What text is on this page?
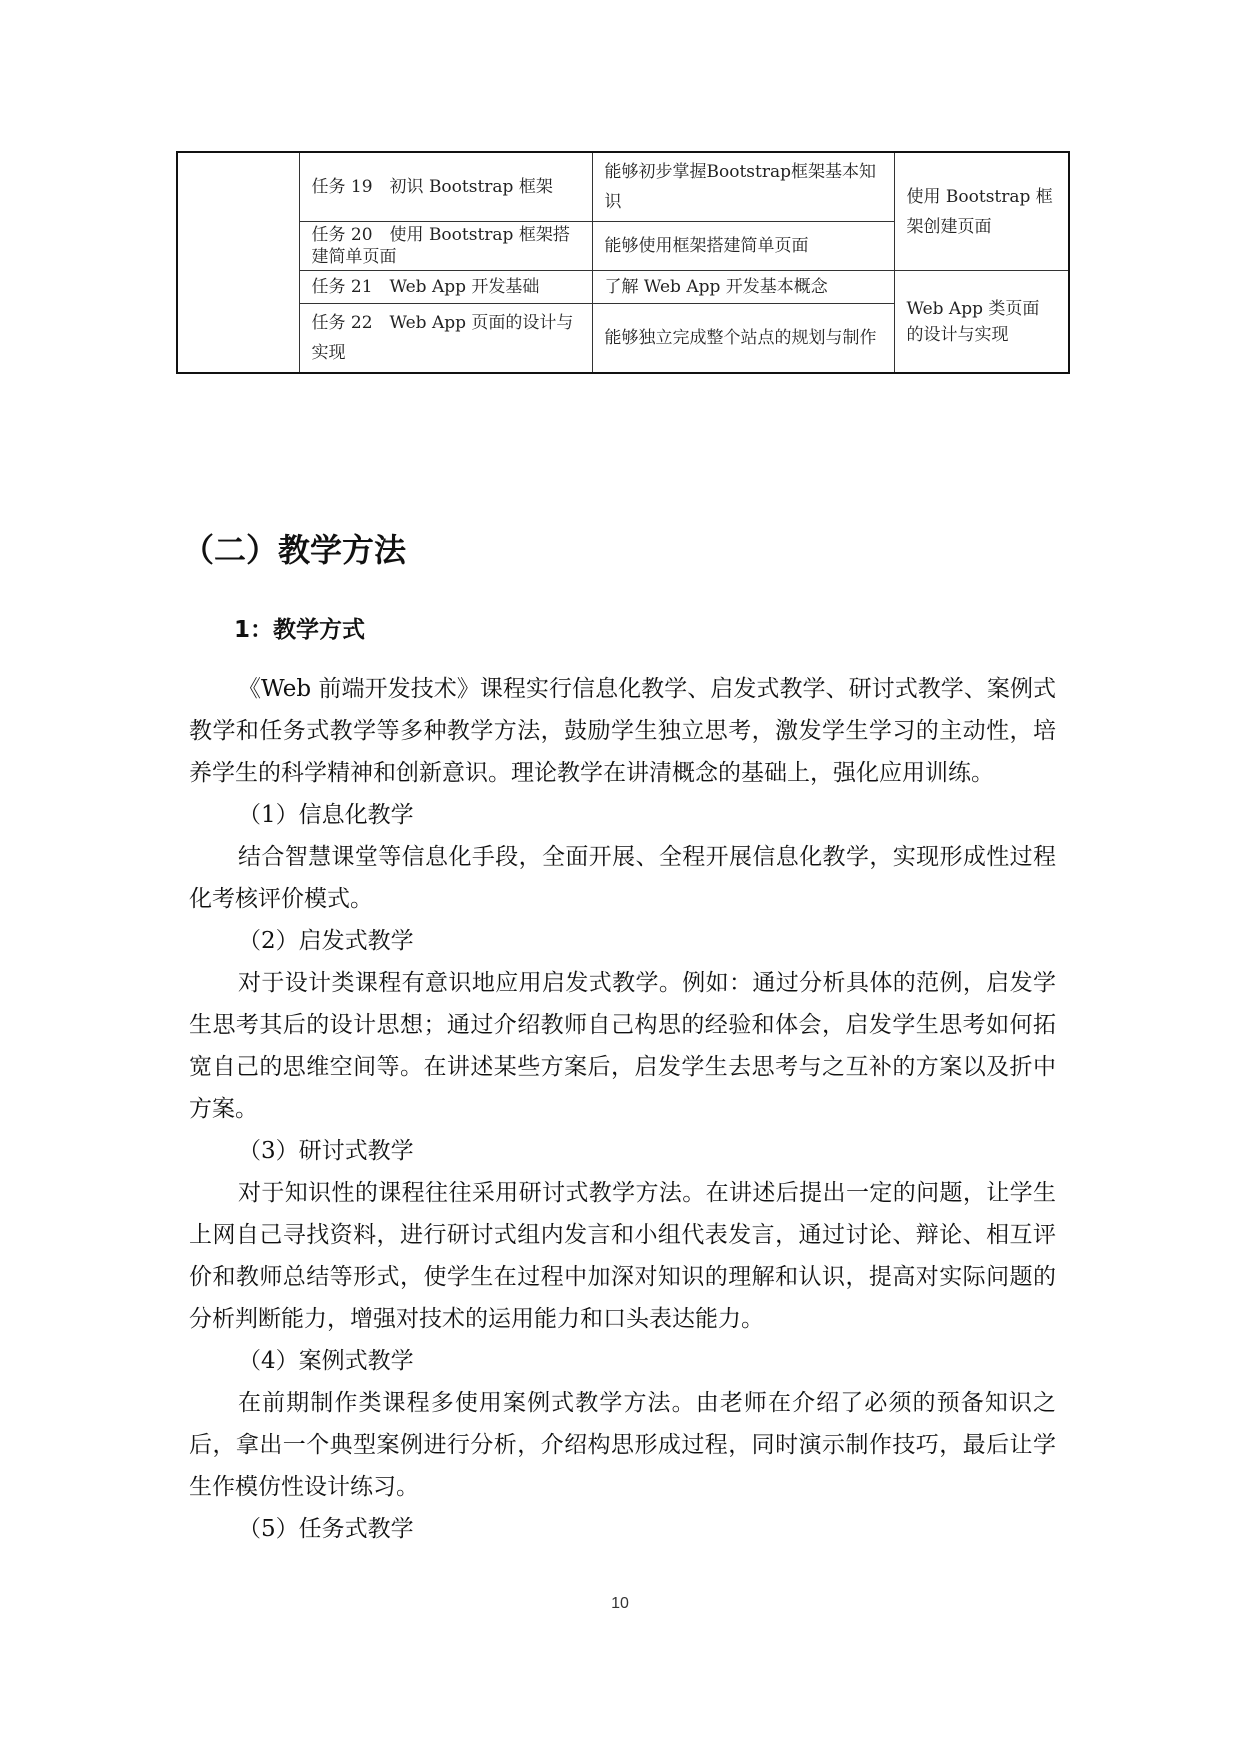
	任务 19　初识 Bootstrap 框架	能够初步掌握Bootstrap框架基本知识	使用 Bootstrap 框架创建页面
	任务 20　使用 Bootstrap 框架搭建简单页面	能够使用框架搭建简单页面	
	任务 21　Web App 开发基础	了解 Web App 开发基本概念	Web App 类页面的设计与实现
	任务 22　Web App 页面的设计与实现	能够独立完成整个站点的规划与制作	
（二）教学方法
1：教学方式

《Web 前端开发技术》课程实行信息化教学、启发式教学、研讨式教学、案例式教学和任务式教学等多种教学方法，鼓励学生独立思考，激发学生学习的主动性，培养学生的科学精神和创新意识。理论教学在讲清概念的基础上，强化应用训练。

（1）信息化教学

结合智慧课堂等信息化手段，全面开展、全程开展信息化教学，实现形成性过程化考核评价模式。

（2）启发式教学

对于设计类课程有意识地应用启发式教学。例如：通过分析具体的范例，启发学生思考其后的设计思想；通过介绍教师自己构思的经验和体会，启发学生思考如何拓宽自己的思维空间等。在讲述某些方案后，启发学生去思考与之互补的方案以及折中方案。

（3）研讨式教学

对于知识性的课程往往采用研讨式教学方法。在讲述后提出一定的问题，让学生上网自己寻找资料，进行研讨式组内发言和小组代表发言，通过讨论、辩论、相互评价和教师总结等形式，使学生在过程中加深对知识的理解和认识，提高对实际问题的分析判断能力，增强对技术的运用能力和口头表达能力。

（4）案例式教学

在前期制作类课程多使用案例式教学方法。由老师在介绍了必须的预备知识之后，拿出一个典型案例进行分析，介绍构思形成过程，同时演示制作技巧，最后让学生作模仿性设计练习。

（5）任务式教学

10
